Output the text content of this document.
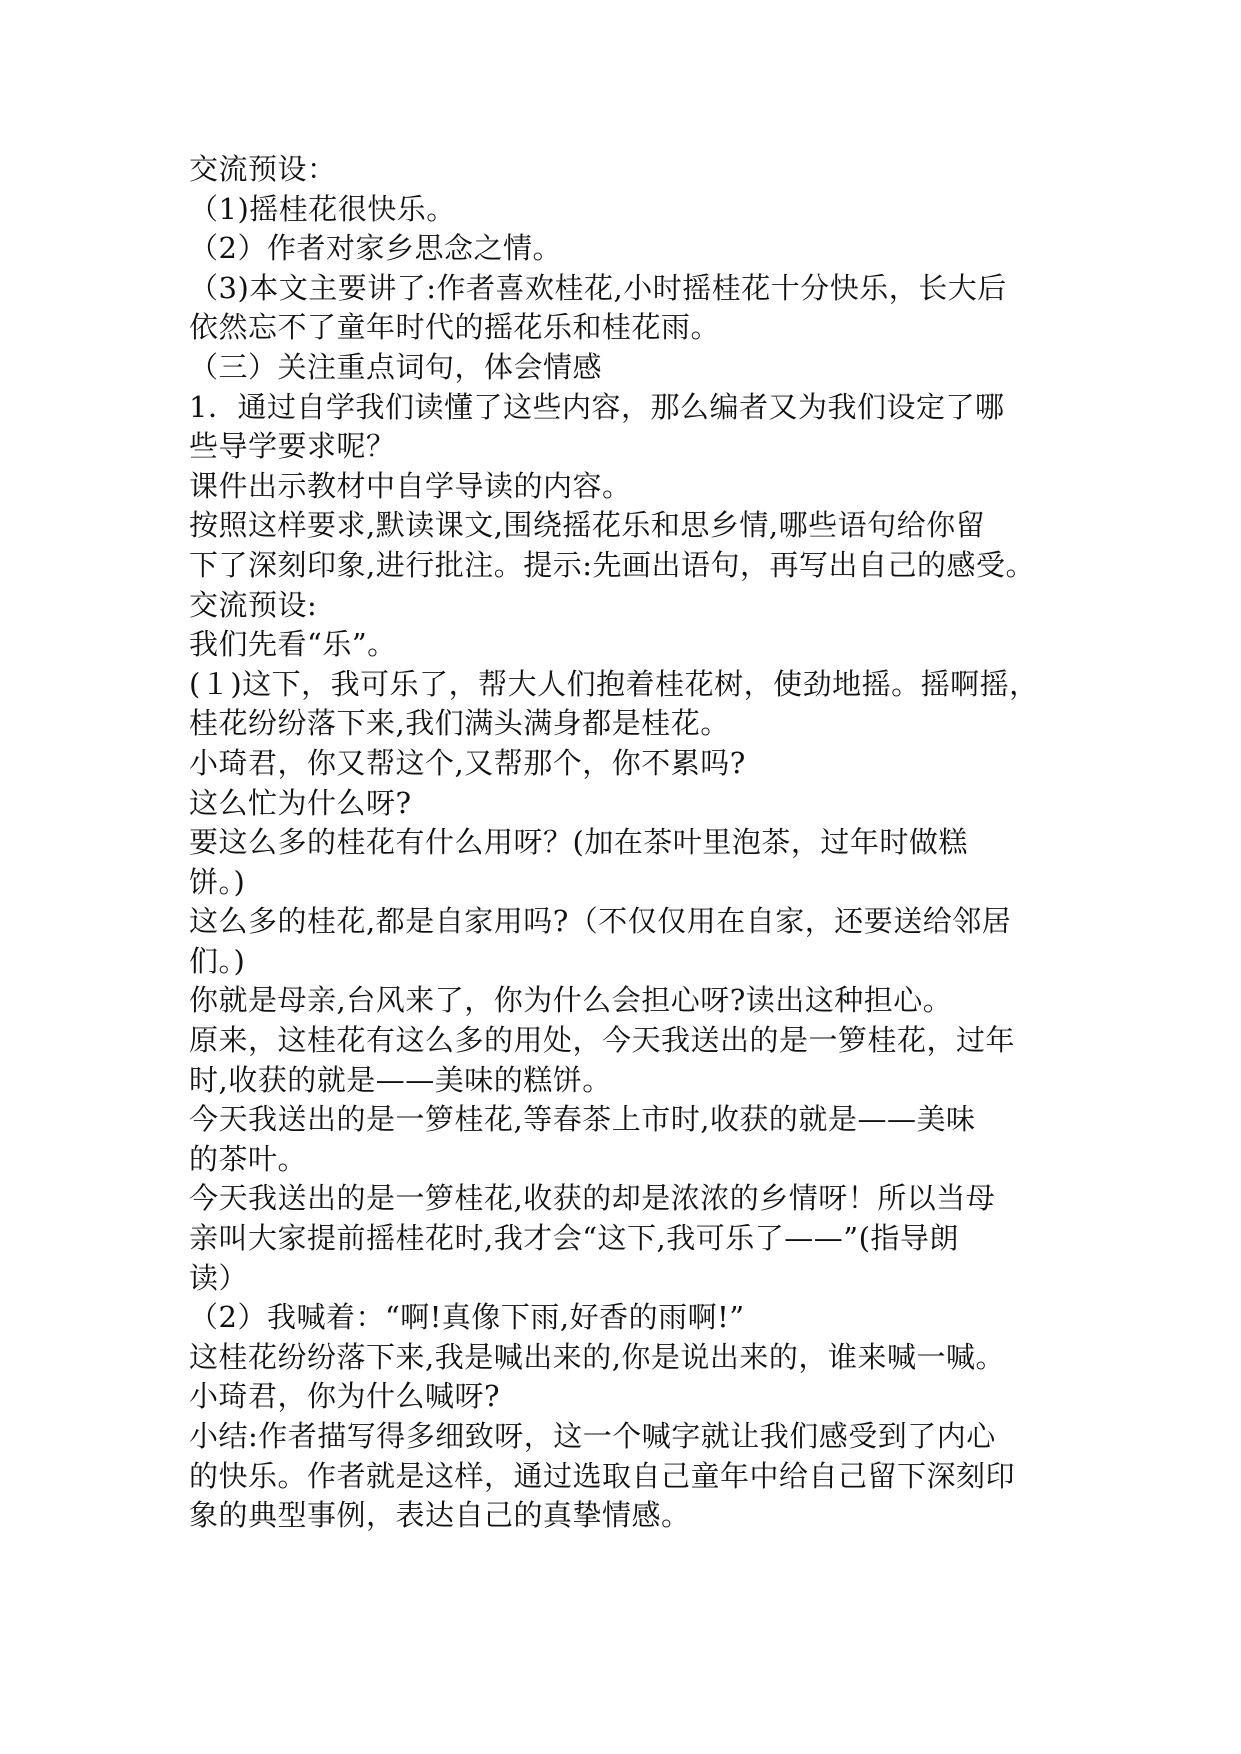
交流预设：
（1)摇桂花很快乐。
（2）作者对家乡思念之情。
（3)本文主要讲了:作者喜欢桂花,小时摇桂花十分快乐，长大后
依然忘不了童年时代的摇花乐和桂花雨。
（三）关注重点词句，体会情感
1．通过自学我们读懂了这些内容，那么编者又为我们设定了哪
些导学要求呢？
课件出示教材中自学导读的内容。
按照这样要求,默读课文,围绕摇花乐和思乡情,哪些语句给你留
下了深刻印象,进行批注。提示:先画出语句，再写出自己的感受。
交流预设:
我们先看“乐”。
(１)这下，我可乐了，帮大人们抱着桂花树，使劲地摇。摇啊摇，
桂花纷纷落下来,我们满头满身都是桂花。
小琦君，你又帮这个,又帮那个，你不累吗?
这么忙为什么呀?
要这么多的桂花有什么用呀？(加在茶叶里泡茶，过年时做糕
饼。)
这么多的桂花,都是自家用吗?（不仅仅用在自家，还要送给邻居
们。)
你就是母亲,台风来了，你为什么会担心呀?读出这种担心。
原来，这桂花有这么多的用处，今天我送出的是一箩桂花，过年
时,收获的就是——美味的糕饼。
今天我送出的是一箩桂花,等春茶上市时,收获的就是——美味
的茶叶。
今天我送出的是一箩桂花,收获的却是浓浓的乡情呀！所以当母
亲叫大家提前摇桂花时,我才会“这下,我可乐了——”(指导朗
读）
（2）我喊着：“啊!真像下雨,好香的雨啊!”
这桂花纷纷落下来,我是喊出来的,你是说出来的，谁来喊一喊。
小琦君，你为什么喊呀?
小结:作者描写得多细致呀，这一个喊字就让我们感受到了内心
的快乐。作者就是这样，通过选取自己童年中给自己留下深刻印
象的典型事例，表达自己的真挚情感。
